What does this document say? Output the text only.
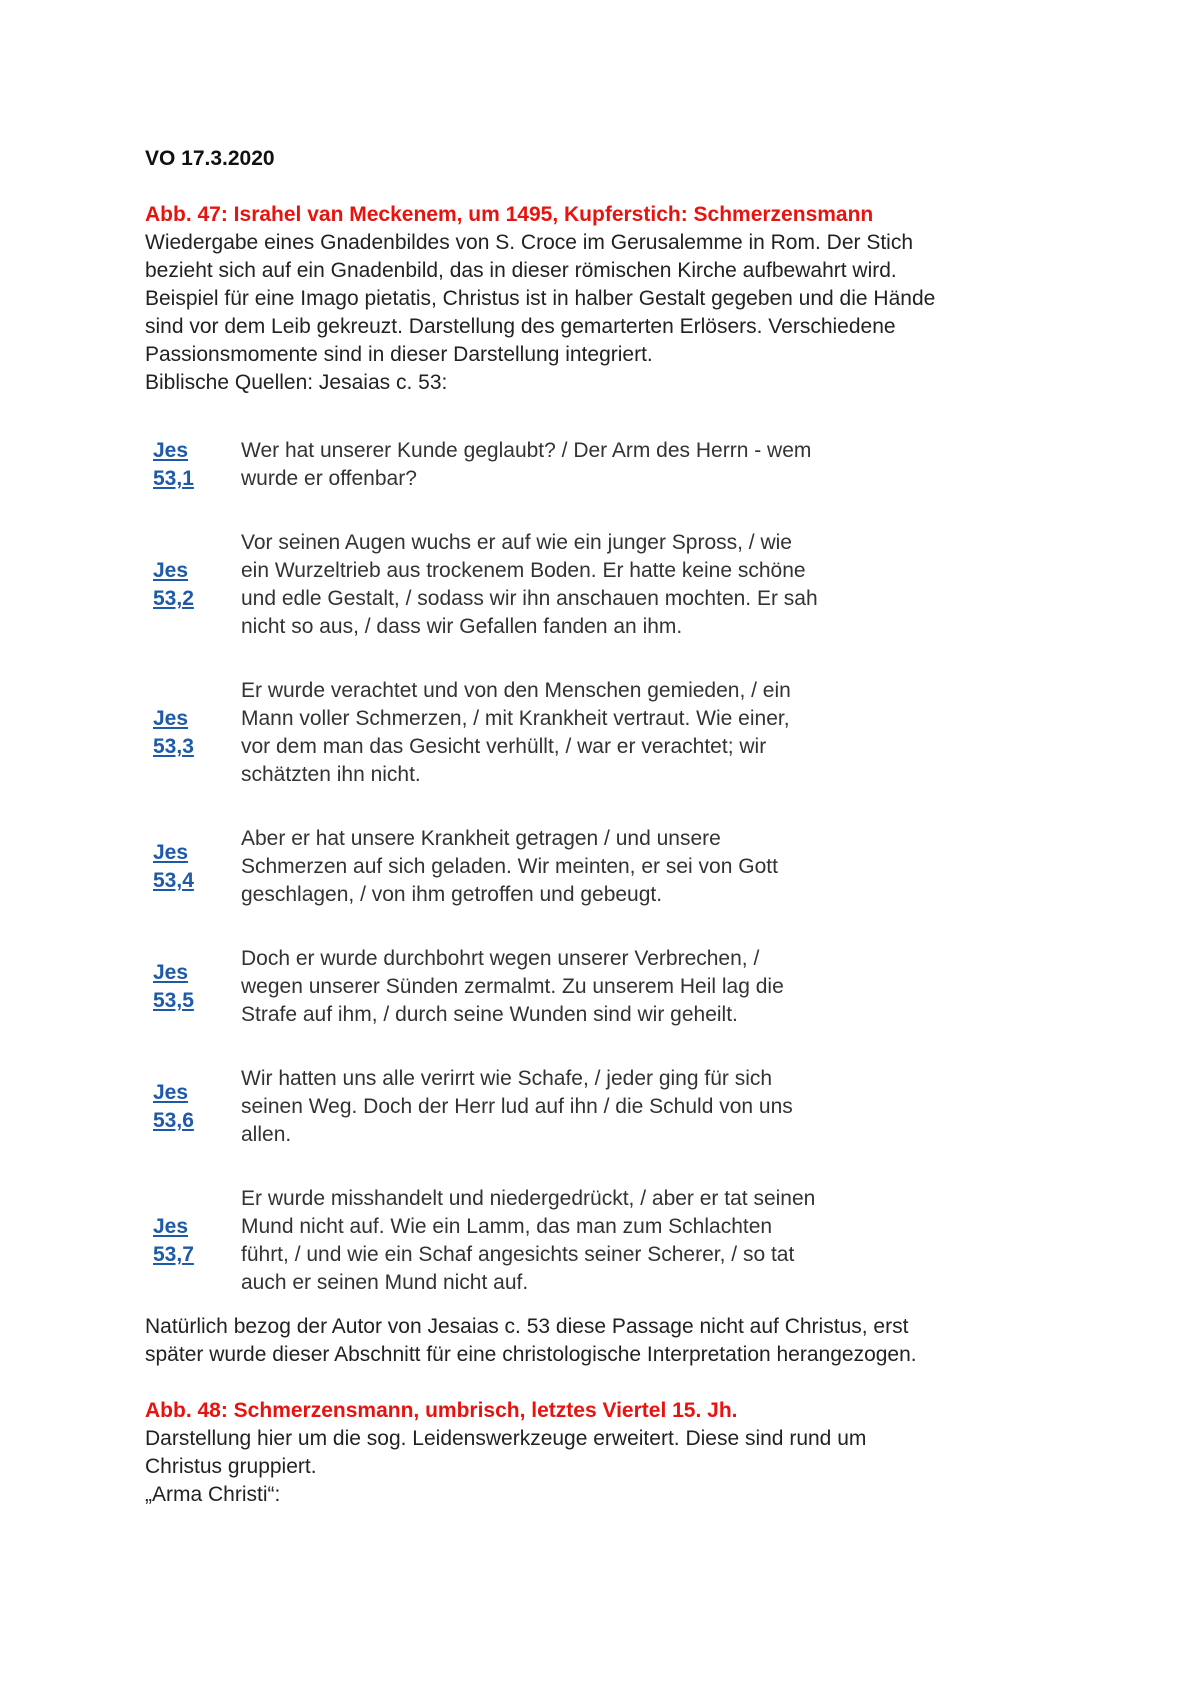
VO 17.3.2020

Abb. 47: Israhel van Meckenem, um 1495, Kupferstich: Schmerzensmann

Wiedergabe eines Gnadenbildes von S. Croce im Gerusalemme in Rom. Der Stich

bezieht sich auf ein Gnadenbild, das in dieser römischen Kirche aufbewahrt wird.

Beispiel für eine Imago pietatis, Christus ist in halber Gestalt gegeben und die Hände

sind vor dem Leib gekreuzt. Darstellung des gemarterten Erlösers. Verschiedene

Passionsmomente sind in dieser Darstellung integriert.

Biblische Quellen: Jesaias c. 53:

Jes
53,1
Wer hat unserer Kunde geglaubt? / Der Arm des Herrn - wem
wurde er offenbar?
Jes
53,2
Vor seinen Augen wuchs er auf wie ein junger Spross, / wie
ein Wurzeltrieb aus trockenem Boden. Er hatte keine schöne
und edle Gestalt, / sodass wir ihn anschauen mochten. Er sah
nicht so aus, / dass wir Gefallen fanden an ihm.
Jes
53,3
Er wurde verachtet und von den Menschen gemieden, / ein
Mann voller Schmerzen, / mit Krankheit vertraut. Wie einer,
vor dem man das Gesicht verhüllt, / war er verachtet; wir
schätzten ihn nicht.
Jes
53,4
Aber er hat unsere Krankheit getragen / und unsere
Schmerzen auf sich geladen. Wir meinten, er sei von Gott
geschlagen, / von ihm getroffen und gebeugt.
Jes
53,5
Doch er wurde durchbohrt wegen unserer Verbrechen, /
wegen unserer Sünden zermalmt. Zu unserem Heil lag die
Strafe auf ihm, / durch seine Wunden sind wir geheilt.
Jes
53,6
Wir hatten uns alle verirrt wie Schafe, / jeder ging für sich
seinen Weg. Doch der Herr lud auf ihn / die Schuld von uns
allen.
Jes
53,7
Er wurde misshandelt und niedergedrückt, / aber er tat seinen
Mund nicht auf. Wie ein Lamm, das man zum Schlachten
führt, / und wie ein Schaf angesichts seiner Scherer, / so tat
auch er seinen Mund nicht auf.

Natürlich bezog der Autor von Jesaias c. 53 diese Passage nicht auf Christus, erst

später wurde dieser Abschnitt für eine christologische Interpretation herangezogen.

Abb. 48: Schmerzensmann, umbrisch, letztes Viertel 15. Jh.

Darstellung hier um die sog. Leidenswerkzeuge erweitert. Diese sind rund um

Christus gruppiert.

„Arma Christi“:
